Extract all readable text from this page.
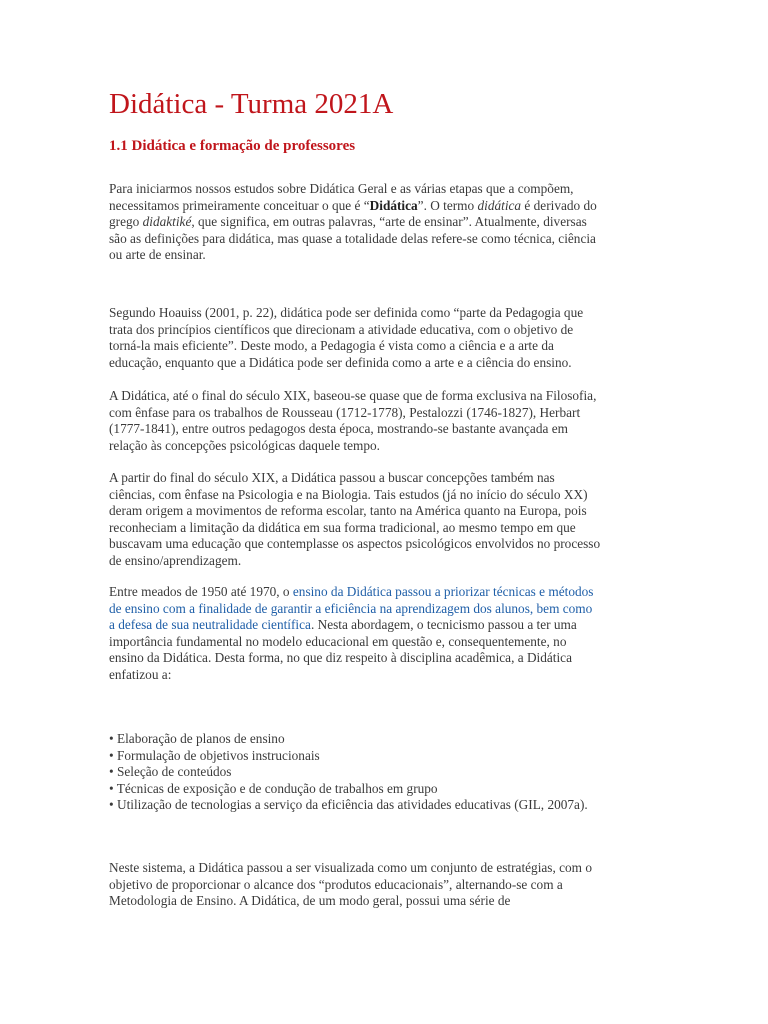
Didática - Turma 2021A
1.1 Didática e formação de professores

Para iniciarmos nossos estudos sobre Didática Geral e as várias etapas que a compõem,
necessitamos primeiramente conceituar o que é “Didática”. O termo didática é derivado do
grego didaktiké, que significa, em outras palavras, “arte de ensinar”. Atualmente, diversas
são as definições para didática, mas quase a totalidade delas refere-se como técnica, ciência
ou arte de ensinar.

Segundo Hoauiss (2001, p. 22), didática pode ser definida como “parte da Pedagogia que
trata dos princípios científicos que direcionam a atividade educativa, com o objetivo de
torná-la mais eficiente”. Deste modo, a Pedagogia é vista como a ciência e a arte da
educação, enquanto que a Didática pode ser definida como a arte e a ciência do ensino.

A Didática, até o final do século XIX, baseou-se quase que de forma exclusiva na Filosofia,
com ênfase para os trabalhos de Rousseau (1712-1778), Pestalozzi (1746-1827), Herbart
(1777-1841), entre outros pedagogos desta época, mostrando-se bastante avançada em
relação às concepções psicológicas daquele tempo.

A partir do final do século XIX, a Didática passou a buscar concepções também nas
ciências, com ênfase na Psicologia e na Biologia. Tais estudos (já no início do século XX)
deram origem a movimentos de reforma escolar, tanto na América quanto na Europa, pois
reconheciam a limitação da didática em sua forma tradicional, ao mesmo tempo em que
buscavam uma educação que contemplasse os aspectos psicológicos envolvidos no processo
de ensino/aprendizagem.

Entre meados de 1950 até 1970, o ensino da Didática passou a priorizar técnicas e métodos
de ensino com a finalidade de garantir a eficiência na aprendizagem dos alunos, bem como
a defesa de sua neutralidade científica. Nesta abordagem, o tecnicismo passou a ter uma
importância fundamental no modelo educacional em questão e, consequentemente, no
ensino da Didática. Desta forma, no que diz respeito à disciplina acadêmica, a Didática
enfatizou a:

• Elaboração de planos de ensino
• Formulação de objetivos instrucionais
• Seleção de conteúdos
• Técnicas de exposição e de condução de trabalhos em grupo
• Utilização de tecnologias a serviço da eficiência das atividades educativas (GIL, 2007a).

Neste sistema, a Didática passou a ser visualizada como um conjunto de estratégias, com o
objetivo de proporcionar o alcance dos “produtos educacionais”, alternando-se com a
Metodologia de Ensino. A Didática, de um modo geral, possui uma série de
